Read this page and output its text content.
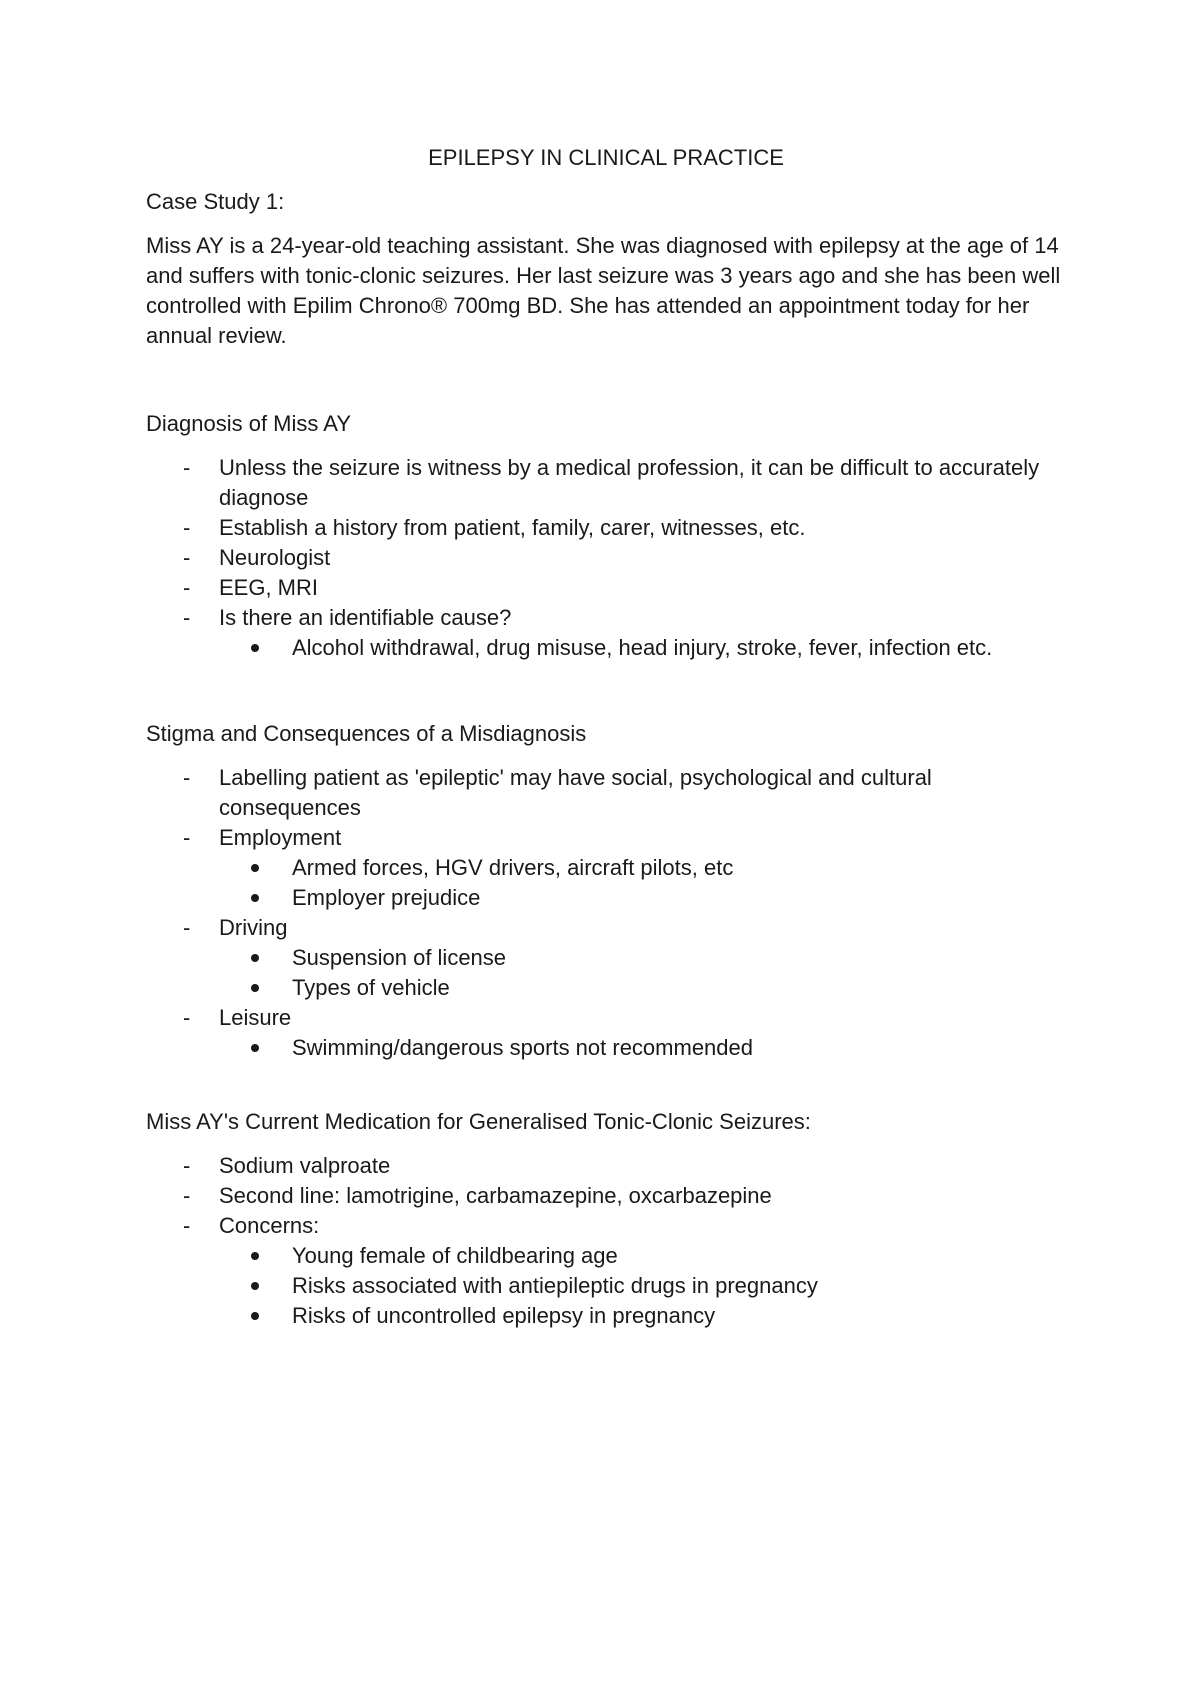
EPILEPSY IN CLINICAL PRACTICE
Case Study 1:
Miss AY is a 24-year-old teaching assistant. She was diagnosed with epilepsy at the age of 14 and suffers with tonic-clonic seizures. Her last seizure was 3 years ago and she has been well controlled with Epilim Chrono® 700mg BD. She has attended an appointment today for her annual review.
Diagnosis of Miss AY
- Unless the seizure is witness by a medical profession, it can be difficult to accurately diagnose
- Establish a history from patient, family, carer, witnesses, etc.
- Neurologist
- EEG, MRI
- Is there an identifiable cause?
Alcohol withdrawal, drug misuse, head injury, stroke, fever, infection etc.
Stigma and Consequences of a Misdiagnosis
- Labelling patient as 'epileptic' may have social, psychological and cultural consequences
- Employment
Armed forces, HGV drivers, aircraft pilots, etc
Employer prejudice
- Driving
Suspension of license
Types of vehicle
- Leisure
Swimming/dangerous sports not recommended
Miss AY's Current Medication for Generalised Tonic-Clonic Seizures:
- Sodium valproate
- Second line: lamotrigine, carbamazepine, oxcarbazepine
- Concerns:
Young female of childbearing age
Risks associated with antiepileptic drugs in pregnancy
Risks of uncontrolled epilepsy in pregnancy
